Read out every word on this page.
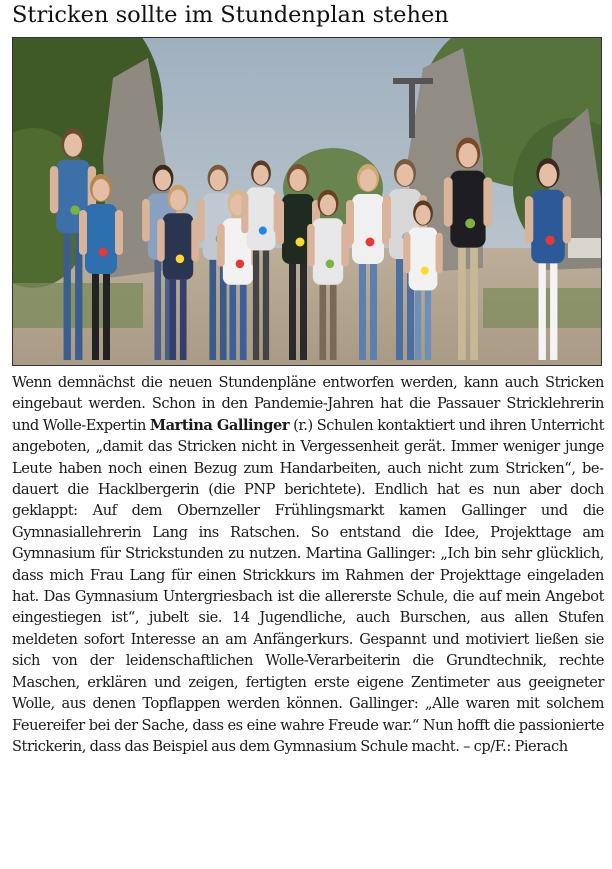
Stricken sollte im Stundenplan stehen
Wenn demnächst die neuen Stundenpläne entworfen werden, kann auch Stricken eingebaut werden. Schon in den Pandemie-Jahren hat die Passauer Stricklehrerin und Wolle-Expertin Martina Gallinger (r.) Schulen kontaktiert und ihren Unterricht angeboten, „damit das Stricken nicht in Vergessenheit gerät. Immer weniger junge Leute haben noch einen Bezug zum Handarbeiten, auch nicht zum Stricken“, bedauert die Hacklbergerin (die PNP berichtete). Endlich hat es nun aber doch geklappt: Auf dem Obernzeller Frühlingsmarkt kamen Gallinger und die Gymnasiallehrerin Lang ins Ratschen. So entstand die Idee, Projekttage am Gymnasium für Strickstunden zu nutzen. Martina Gallinger: „Ich bin sehr glücklich, dass mich Frau Lang für einen Strickkurs im Rahmen der Projekttage eingeladen hat. Das Gymnasium Untergriesbach ist die allererste Schule, die auf mein Angebot eingestiegen ist“, jubelt sie. 14 Jugendliche, auch Burschen, aus allen Stufen meldeten sofort Interesse an am Anfängerkurs. Gespannt und motiviert ließen sie sich von der leidenschaftlichen Wolle-Verarbeiterin die Grundtechnik, rechte Maschen, erklären und zeigen, fertigten erste eigene Zentimeter aus geeigneter Wolle, aus denen Topflappen werden können. Gallinger: „Alle waren mit solchem Feuereifer bei der Sache, dass es eine wahre Freude war.“ Nun hofft die passionierte Strickerin, dass das Beispiel aus dem Gymnasium Schule macht. – cp/F.: Pierach
